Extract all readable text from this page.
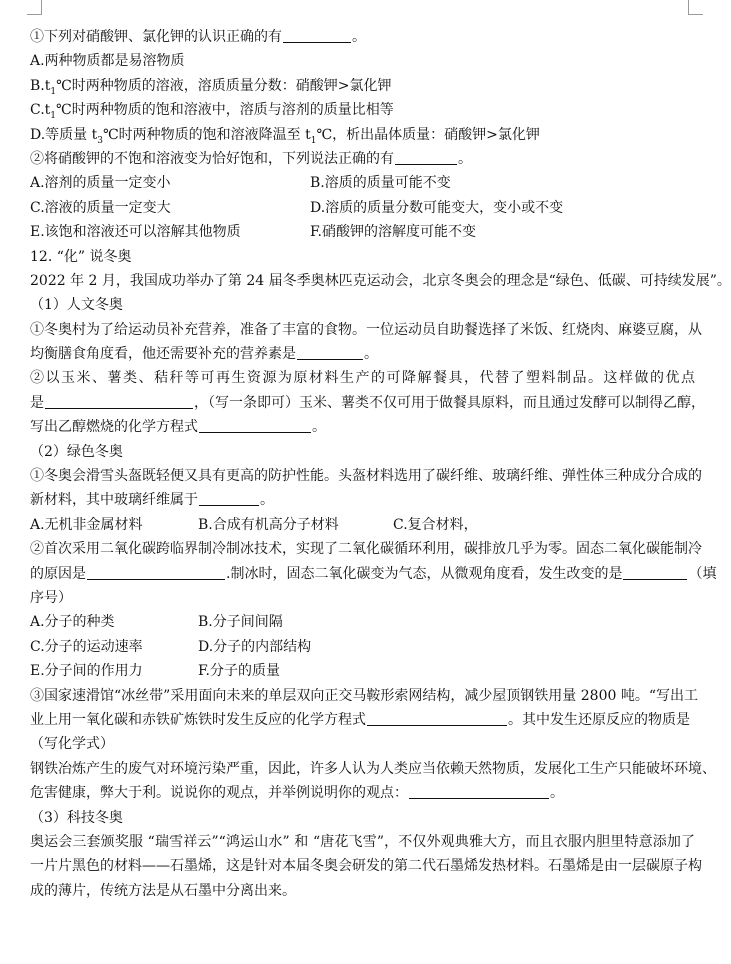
①下列对硝酸钾、氯化钾的认识正确的有	。
A.两种物质都是易溶物质
$B.t_1℃$时两种物质的溶液，溶质质量分数：硝酸钾>氯化钾
$C.t_1℃$时两种物质的饱和溶液中，溶质与溶剂的质量比相等
D.等质量 $t_3℃$时两种物质的饱和溶液降温至 $t_1℃$，析出晶体质量：硝酸钾>氯化钾
②将硝酸钾的不饱和溶液变为恰好饱和，下列说法正确的有	。
A.溶剂的质量一定变小	B.溶质的质量可能不变
C.溶液的质量一定变大	D.溶质的质量分数可能变大，变小或不变
E.该饱和溶液还可以溶解其他物质	F.硝酸钾的溶解度可能不变
12. “化” 说冬奥
2022 年 2 月，我国成功举办了第 24 届冬季奥林匹克运动会，北京冬奥会的理念是“绿色、低碳、可持续发展”。
（1）人文冬奥
①冬奥村为了给运动员补充营养，准备了丰富的食物。一位运动员自助餐选择了米饭、红烧肉、麻婆豆腐，从
均衡膳食角度看，他还需要补充的营养素是	。
②以玉米、薯类、秸秆等可再生资源为原材料生产的可降解餐具，代替了塑料制品。这样做的优点
是	，（写一条即可）玉米、薯类不仅可用于做餐具原料，而且通过发酵可以制得乙醇，
写出乙醇燃烧的化学方程式	。
（2）绿色冬奥
①冬奥会滑雪头盔既轻便又具有更高的防护性能。头盔材料选用了碳纤维、玻璃纤维、弹性体三种成分合成的
新材料，其中玻璃纤维属于	。
A.无机非金属材料	B.合成有机高分子材料	C.复合材料，
②首次采用二氧化碳跨临界制冷制冰技术，实现了二氧化碳循环利用，碳排放几乎为零。固态二氧化碳能制冷
的原因是	.制冰时，固态二氧化碳变为气态，从微观角度看，发生改变的是	（填
序号）
A.分子的种类	B.分子间间隔
C.分子的运动速率	D.分子的内部结构
E.分子间的作用力	F.分子的质量
③国家速滑馆“冰丝带”采用面向未来的单层双向正交马鞍形索网结构，减少屋顶钢铁用量 2800 吨。“写出工
业上用一氧化碳和赤铁矿炼铁时发生反应的化学方程式	。其中发生还原反应的物质是
（写化学式）
钢铁冶炼产生的废气对环境污染严重，因此，许多人认为人类应当依赖天然物质，发展化工生产只能破坏环境、
危害健康，弊大于利。说说你的观点，并举例说明你的观点：	。
（3）科技冬奥
奥运会三套颁奖服 “瑞雪祥云”“鸿运山水” 和 “唐花飞雪”，不仅外观典雅大方，而且衣服内胆里特意添加了
一片片黑色的材料——石墨烯，这是针对本届冬奥会研发的第二代石墨烯发热材料。石墨烯是由一层碳原子构
成的薄片，传统方法是从石墨中分离出来。
